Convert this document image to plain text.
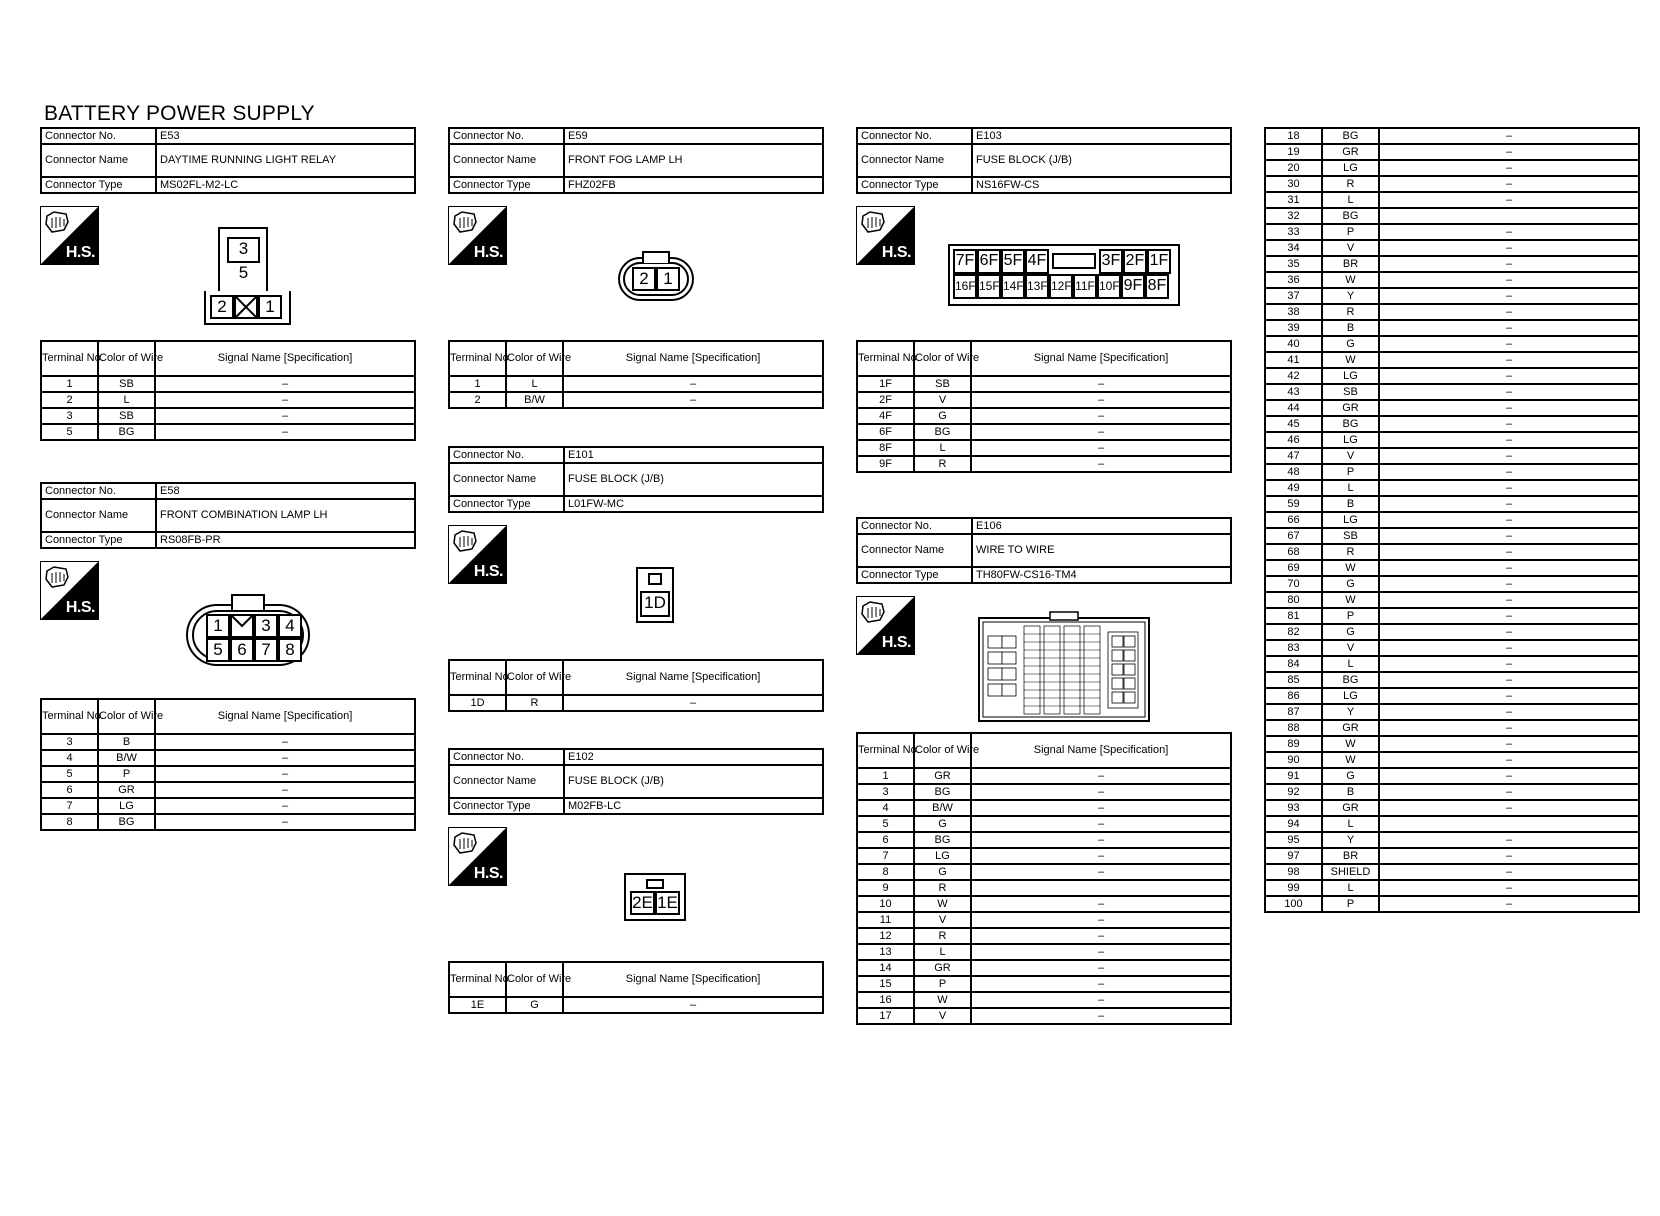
BATTERY POWER SUPPLY
Connector No.	E53
Connector Name	DAYTIME RUNNING LIGHT RELAY
Connector Type	MS02FL-M2-LC
H.S.	3
5
2	1
Terminal No.	Color of Wire	Signal Name [Specification]
1	SB	–
2	L	–
3	SB	–
5	BG	–
Connector No.	E58
Connector Name	FRONT COMBINATION LAMP LH
Connector Type	RS08FB-PR
H.S.
1	3 4
5 6 7 8
Terminal No.	Color of Wire	Signal Name [Specification]
3	B	–
4	B/W	–
5	P	–
6	GR	–
7	LG	–
8	BG	–
Connector No.	E59
Connector Name	FRONT FOG LAMP LH
Connector Type	FHZ02FB
H.S.
2 1
Terminal No.	Color of Wire	Signal Name [Specification]
1	L	–
2	B/W	–
Connector No.	E101
Connector Name	FUSE BLOCK (J/B)
Connector Type	L01FW-MC
H.S.
1D
Terminal No.	Color of Wire	Signal Name [Specification]
1D	R	–
Connector No.	E102
Connector Name	FUSE BLOCK (J/B)
Connector Type	M02FB-LC
H.S.
2E 1E
Terminal No.	Color of Wire	Signal Name [Specification]
1E	G	–
Connector No.	E103
Connector Name	FUSE BLOCK (J/B)
Connector Type	NS16FW-CS
H.S.	7F 6F 5F 4F	3F 2F 1F
16F 15F 14F 13F 12F 11F 10F 9F 8F
Terminal No.	Color of Wire	Signal Name [Specification]
1F	SB	–
2F	V	–
4F	G	–
6F	BG	–
8F	L	–
9F	R	–
Connector No.	E106
Connector Name	WIRE TO WIRE
Connector Type	TH80FW-CS16-TM4
H.S.
Terminal No.	Color of Wire	Signal Name [Specification]
1	GR	–
3	BG	–
4	B/W	–
5	G	–
6	BG	–
7	LG	–
8	G	–
9	R	
10	W	–
11	V	–
12	R	–
13	L	–
14	GR	–
15	P	–
16	W	–
17	V	–
18	BG	–
19	GR	–
20	LG	–
30	R	–
31	L	–
32	BG	
33	P	–
34	V	–
35	BR	–
36	W	–
37	Y	–
38	R	–
39	B	–
40	G	–
41	W	–
42	LG	–
43	SB	–
44	GR	–
45	BG	–
46	LG	–
47	V	–
48	P	–
49	L	–
59	B	–
66	LG	–
67	SB	–
68	R	–
69	W	–
70	G	–
80	W	–
81	P	–
82	G	–
83	V	–
84	L	–
85	BG	–
86	LG	–
87	Y	–
88	GR	–
89	W	–
90	W	–
91	G	–
92	B	–
93	GR	–
94	L	
95	Y	–
97	BR	–
98	SHIELD	–
99	L	–
100	P	–
